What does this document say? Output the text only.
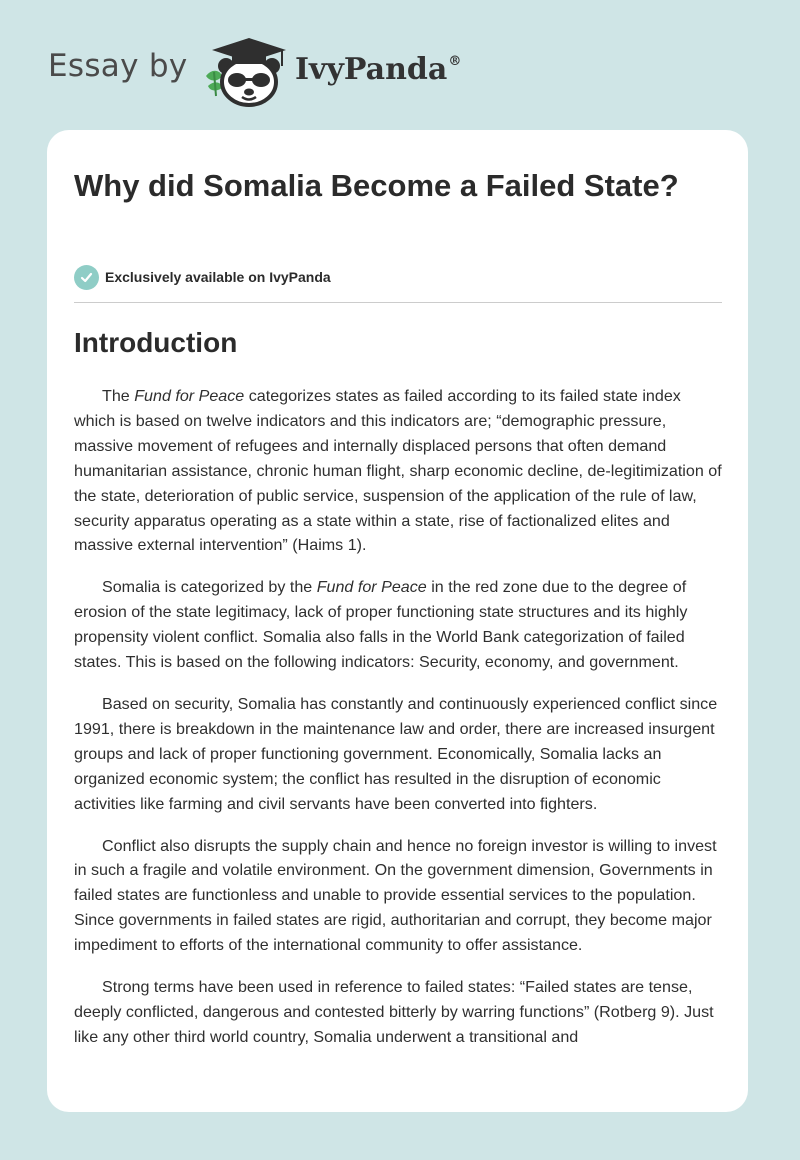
Essay by	IvyPanda®
Why did Somalia Become a Failed State?
Exclusively available on IvyPanda
Introduction

The Fund for Peace categorizes states as failed according to its failed state index which is based on twelve indicators and this indicators are; “demographic pressure, massive movement of refugees and internally displaced persons that often demand humanitarian assistance, chronic human flight, sharp economic decline, de-legitimization of the state, deterioration of public service, suspension of the application of the rule of law, security apparatus operating as a state within a state, rise of factionalized elites and massive external intervention” (Haims 1).

Somalia is categorized by the Fund for Peace in the red zone due to the degree of erosion of the state legitimacy, lack of proper functioning state structures and its highly propensity violent conflict. Somalia also falls in the World Bank categorization of failed states. This is based on the following indicators: Security, economy, and government.

Based on security, Somalia has constantly and continuously experienced conflict since 1991, there is breakdown in the maintenance law and order, there are increased insurgent groups and lack of proper functioning government. Economically, Somalia lacks an organized economic system; the conflict has resulted in the disruption of economic activities like farming and civil servants have been converted into fighters.

Conflict also disrupts the supply chain and hence no foreign investor is willing to invest in such a fragile and volatile environment. On the government dimension, Governments in failed states are functionless and unable to provide essential services to the population. Since governments in failed states are rigid, authoritarian and corrupt, they become major impediment to efforts of the international community to offer assistance.

Strong terms have been used in reference to failed states: “Failed states are tense, deeply conflicted, dangerous and contested bitterly by warring functions” (Rotberg 9). Just like any other third world country, Somalia underwent a transitional and
